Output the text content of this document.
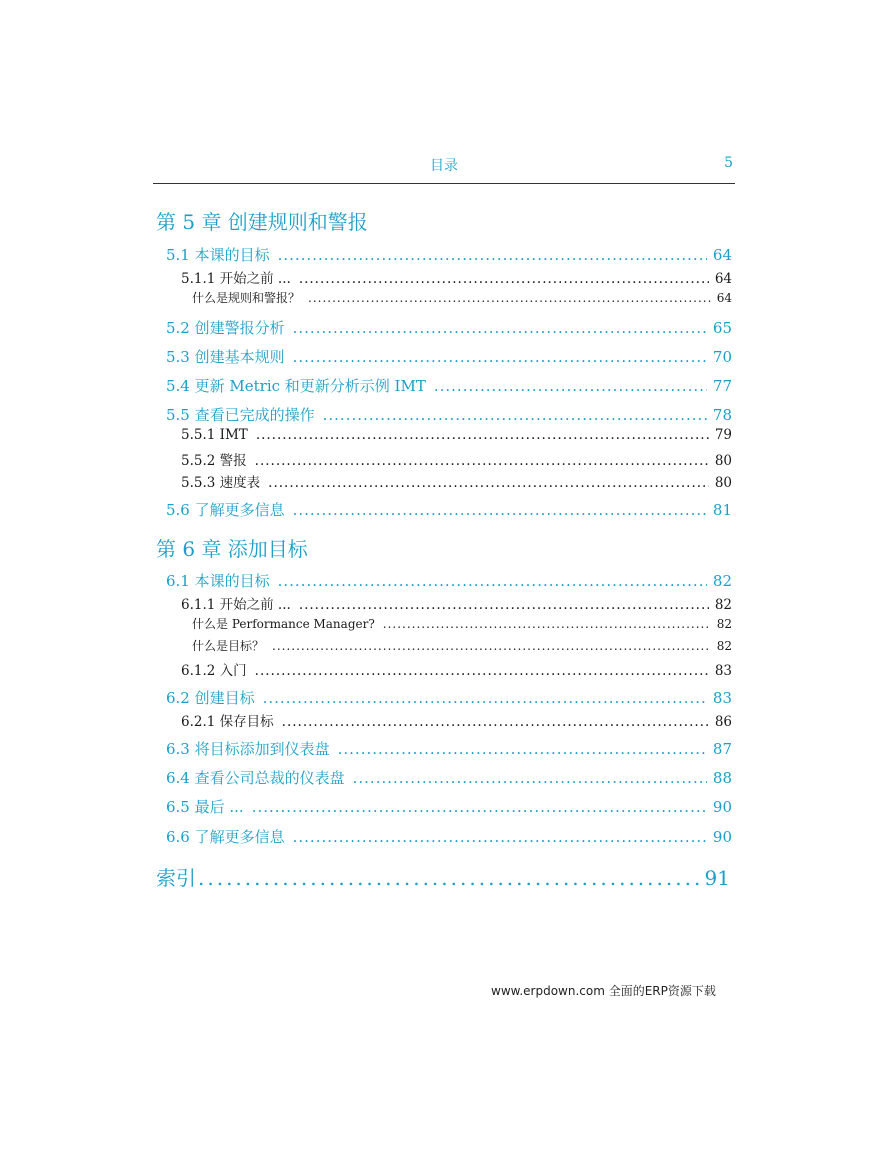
目录	5
第 5 章 创建规则和警报
5.1 本课的目标 .....	64
5.1.1 开始之前 ... .....	64
什么是规则和警报？ .....	64
5.2 创建警报分析 .....	65
5.3 创建基本规则 .....	70
5.4 更新 Metric 和更新分析示例 IMT .....	77
5.5 查看已完成的操作 .....	78
5.5.1 IMT .....	79
5.5.2 警报 .....	80
5.5.3 速度表 .....	80
5.6 了解更多信息 .....	81
第 6 章 添加目标
6.1 本课的目标 .....	82
6.1.1 开始之前 ... .....	82
什么是 Performance Manager? .....	82
什么是目标？ .....	82
6.1.2 入门 .....	83
6.2 创建目标 .....	83
6.2.1 保存目标 .....	86
6.3 将目标添加到仪表盘 .....	87
6.4 查看公司总裁的仪表盘 .....	88
6.5 最后 ... .....	90
6.6 了解更多信息 .....	90
索引 .....	91
www.erpdown.com 全面的ERP资源下载
